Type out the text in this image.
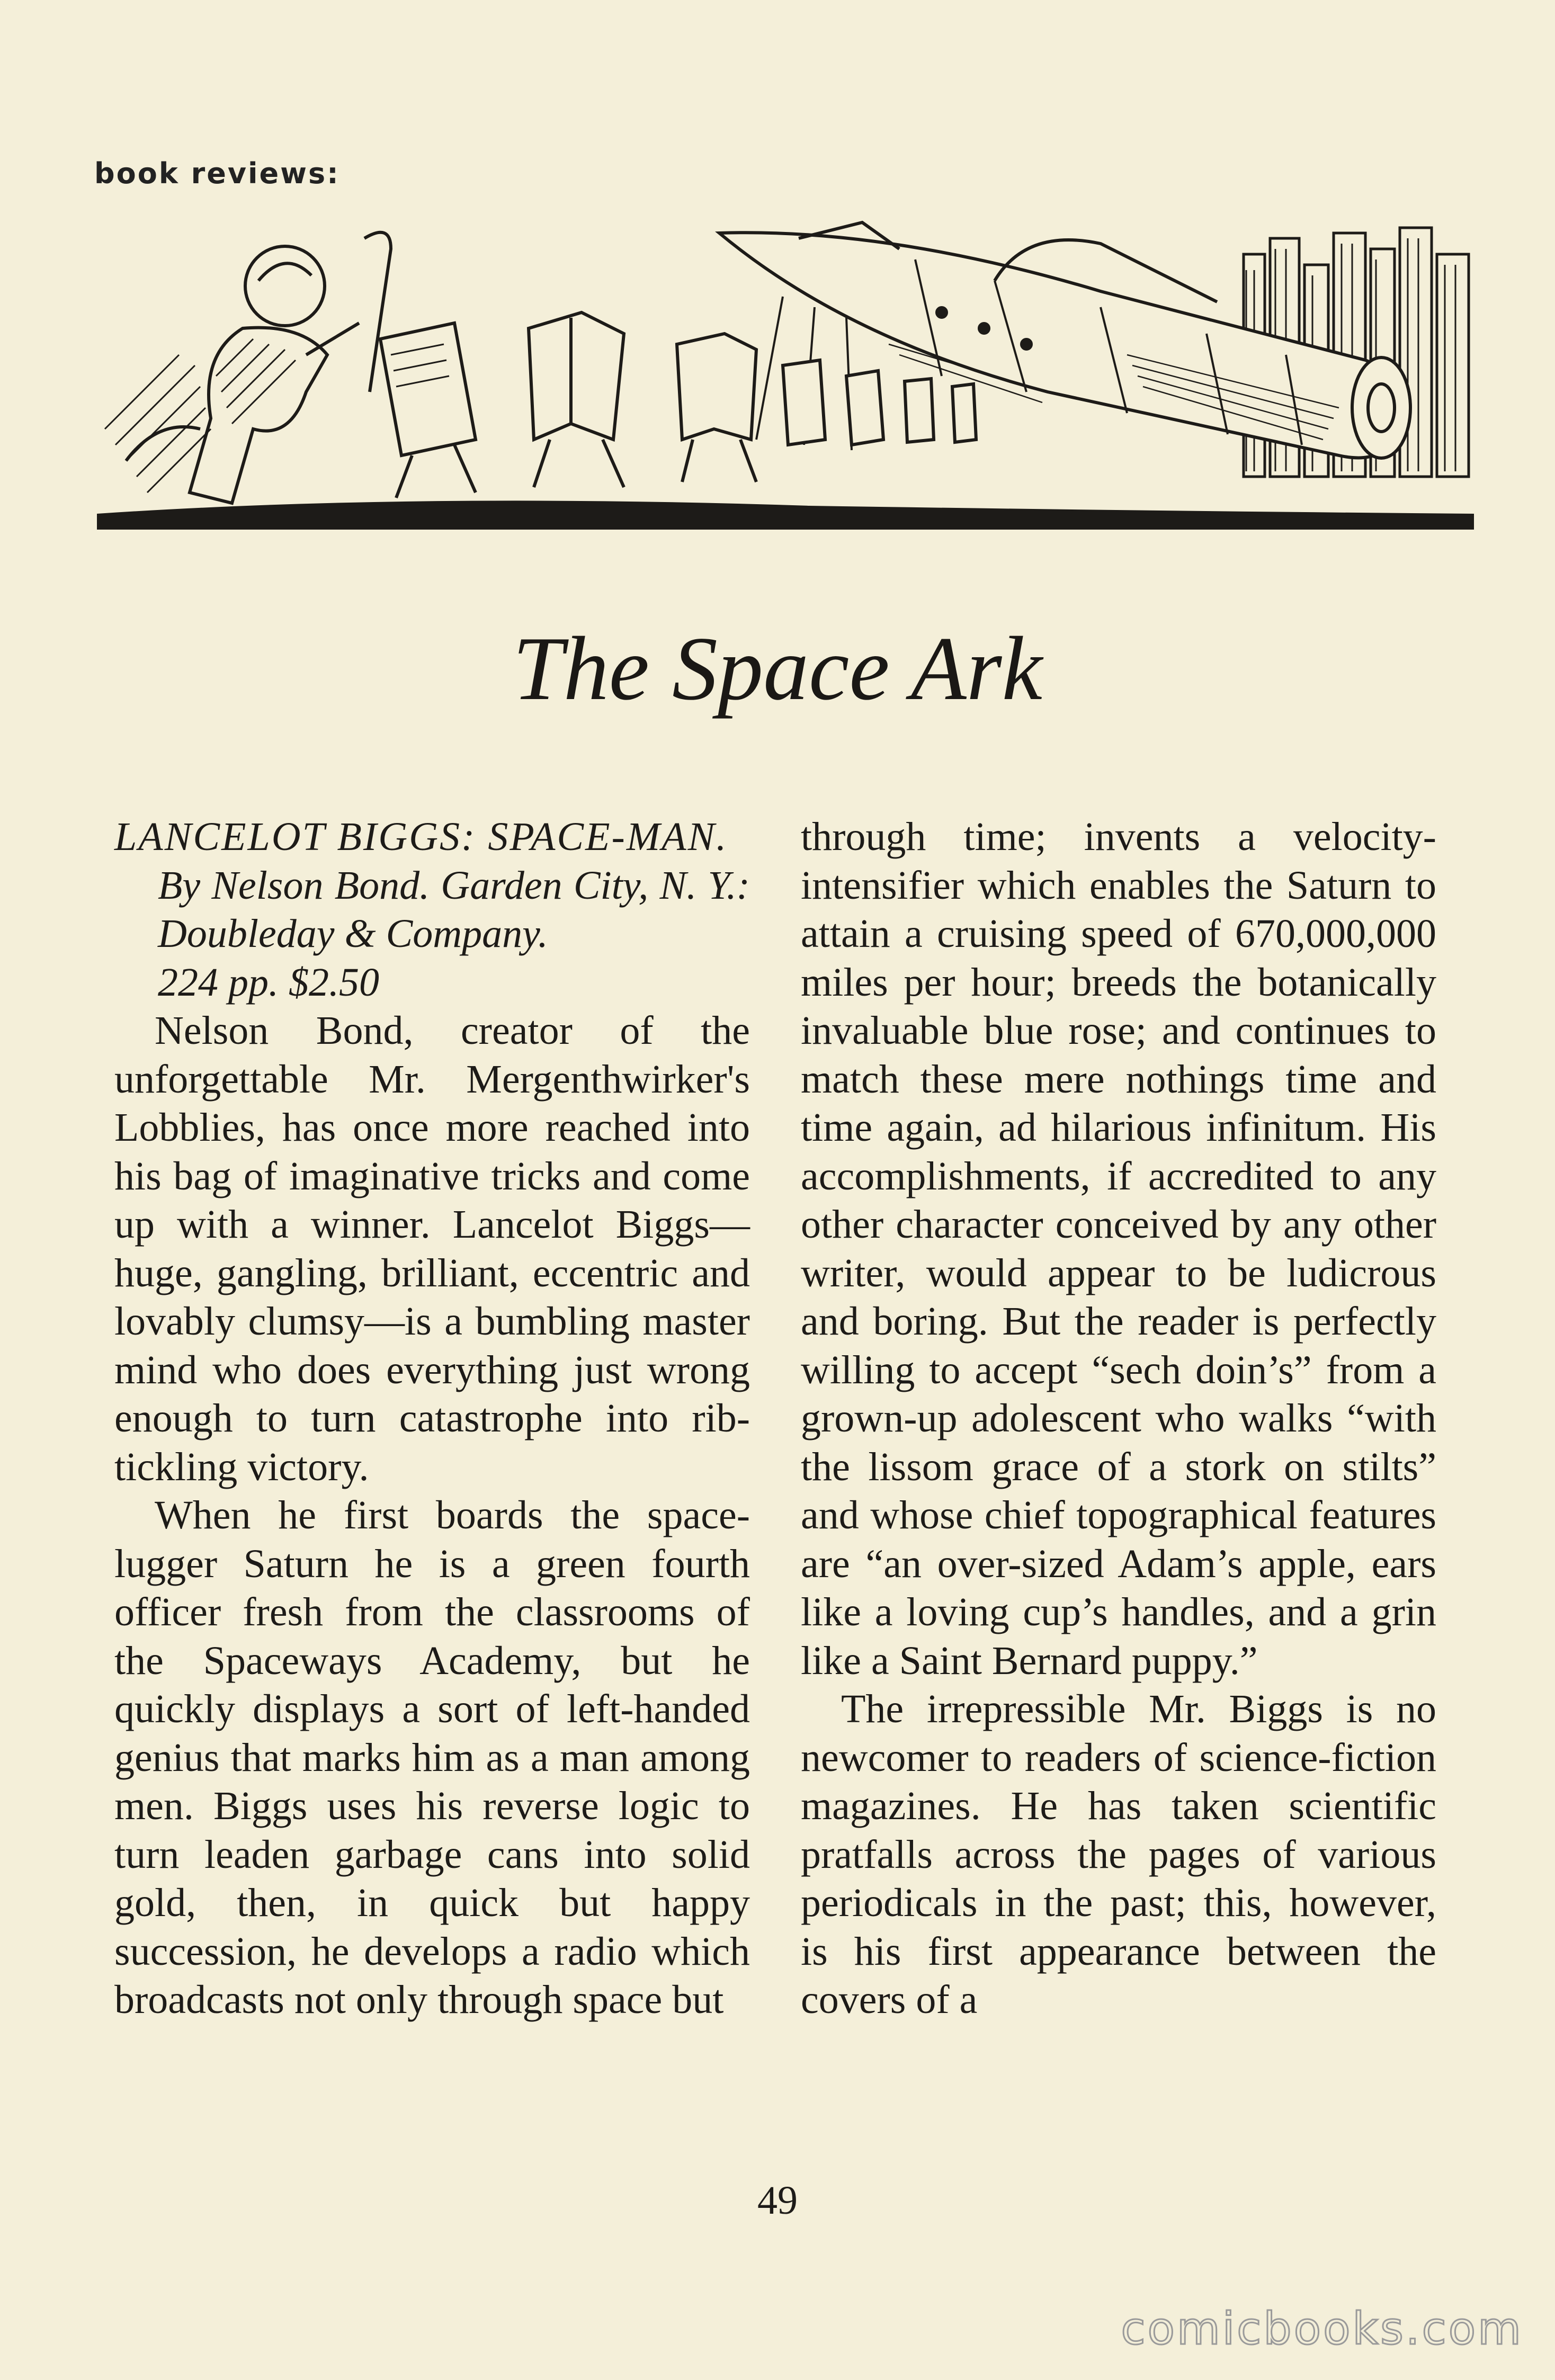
book reviews:
The Space Ark

LANCELOT BIGGS: SPACE-MAN.

By Nelson Bond. Garden City, N. Y.: Doubleday & Company.

224 pp. $2.50

Nelson Bond, creator of the unforgettable Mr. Mergenthwirker's Lobblies, has once more reached into his bag of imaginative tricks and come up with a winner. Lancelot Biggs—huge, gangling, brilliant, eccentric and lovably clumsy—is a bumbling master mind who does everything just wrong enough to turn catastrophe into rib-tickling victory.

When he first boards the space-lugger Saturn he is a green fourth officer fresh from the classrooms of the Spaceways Academy, but he quickly displays a sort of left-handed genius that marks him as a man among men. Biggs uses his reverse logic to turn leaden garbage cans into solid gold, then, in quick but happy succession, he develops a radio which broadcasts not only through space but

through time; invents a velocity-intensifier which enables the Saturn to attain a cruising speed of 670,000,000 miles per hour; breeds the botanically invaluable blue rose; and continues to match these mere nothings time and time again, ad hilarious infinitum. His accomplishments, if accredited to any other character conceived by any other writer, would appear to be ludicrous and boring. But the reader is perfectly willing to accept “sech doin’s” from a grown-up adolescent who walks “with the lissom grace of a stork on stilts” and whose chief topographical features are “an over-sized Adam’s apple, ears like a loving cup’s handles, and a grin like a Saint Bernard puppy.”

The irrepressible Mr. Biggs is no newcomer to readers of science-fiction magazines. He has taken scientific pratfalls across the pages of various periodicals in the past; this, however, is his first appearance between the covers of a

49
comicbooks.com
